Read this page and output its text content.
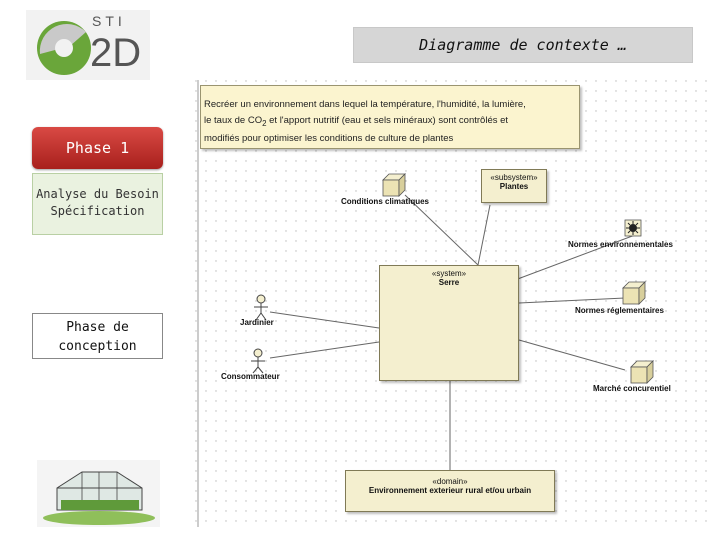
STI
2D	Diagramme de contexte …
Phase 1
Analyse du Besoin
Spécification
Phase de
conception
Recréer un environnement dans lequel la température, l'humidité, la lumière,
le taux de $CO_2$ et l'apport nutritif (eau et sels minéraux) sont contrôlés et
modifiés pour optimiser les conditions de culture de plantes
«subsystem»
Plantes
«system»
Serre
«domain»
Environnement exterieur rural et/ou urbain
Conditions climatiques
Normes environnementales
Normes réglementaires
Marché concurentiel
Jardinier
Consommateur
